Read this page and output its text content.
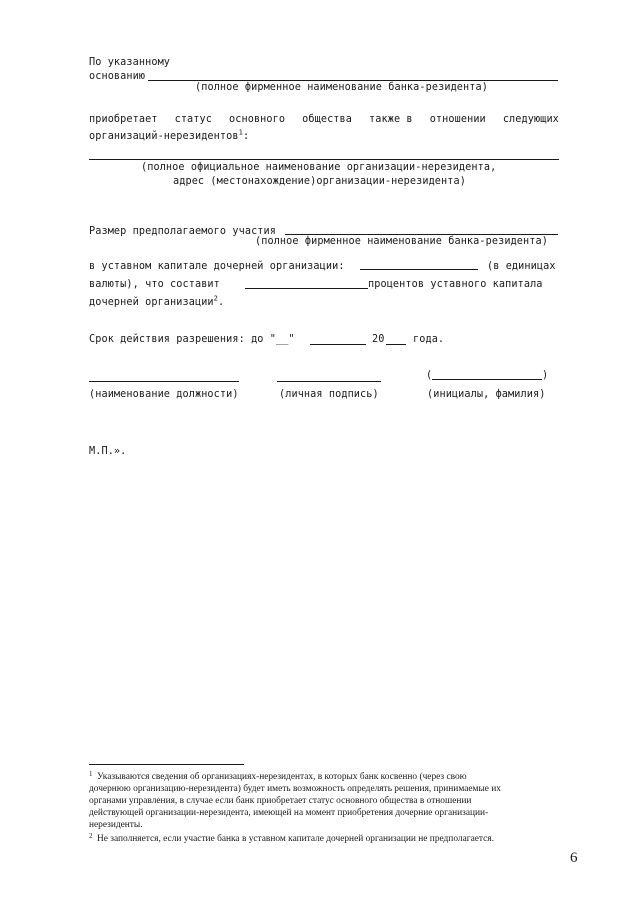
По указанному
основанию
(полное фирменное наименование банка-резидента)
приобретает статус основного общества также в отношении следующих
организаций-нерезидентов$^1$:
(полное официальное наименование организации-нерезидента,
адрес (местонахождение)организации-нерезидента)
Размер предполагаемого участия
(полное фирменное наименование банка-резидента)
в уставном капитале дочерней организации:	(в единицах
валюты), что составит	процентов уставного капитала
дочерней организации$^2$.
Срок действия разрешения: до "__"	20	года.
(наименование должности)	(личная подпись)
(	)
(инициалы, фамилия)
М.П.».
1 Указываются сведения об организациях-нерезидентах, в которых банк косвенно (через свою
дочернюю организацию-нерезидента) будет иметь возможность определять решения, принимаемые их
органами управления, в случае если банк приобретает статус основного общества в отношении
действующей организации-нерезидента, имеющей на момент приобретения дочерние организации-
нерезиденты.
2 Не заполняется, если участие банка в уставном капитале дочерней организации не предполагается.
6
